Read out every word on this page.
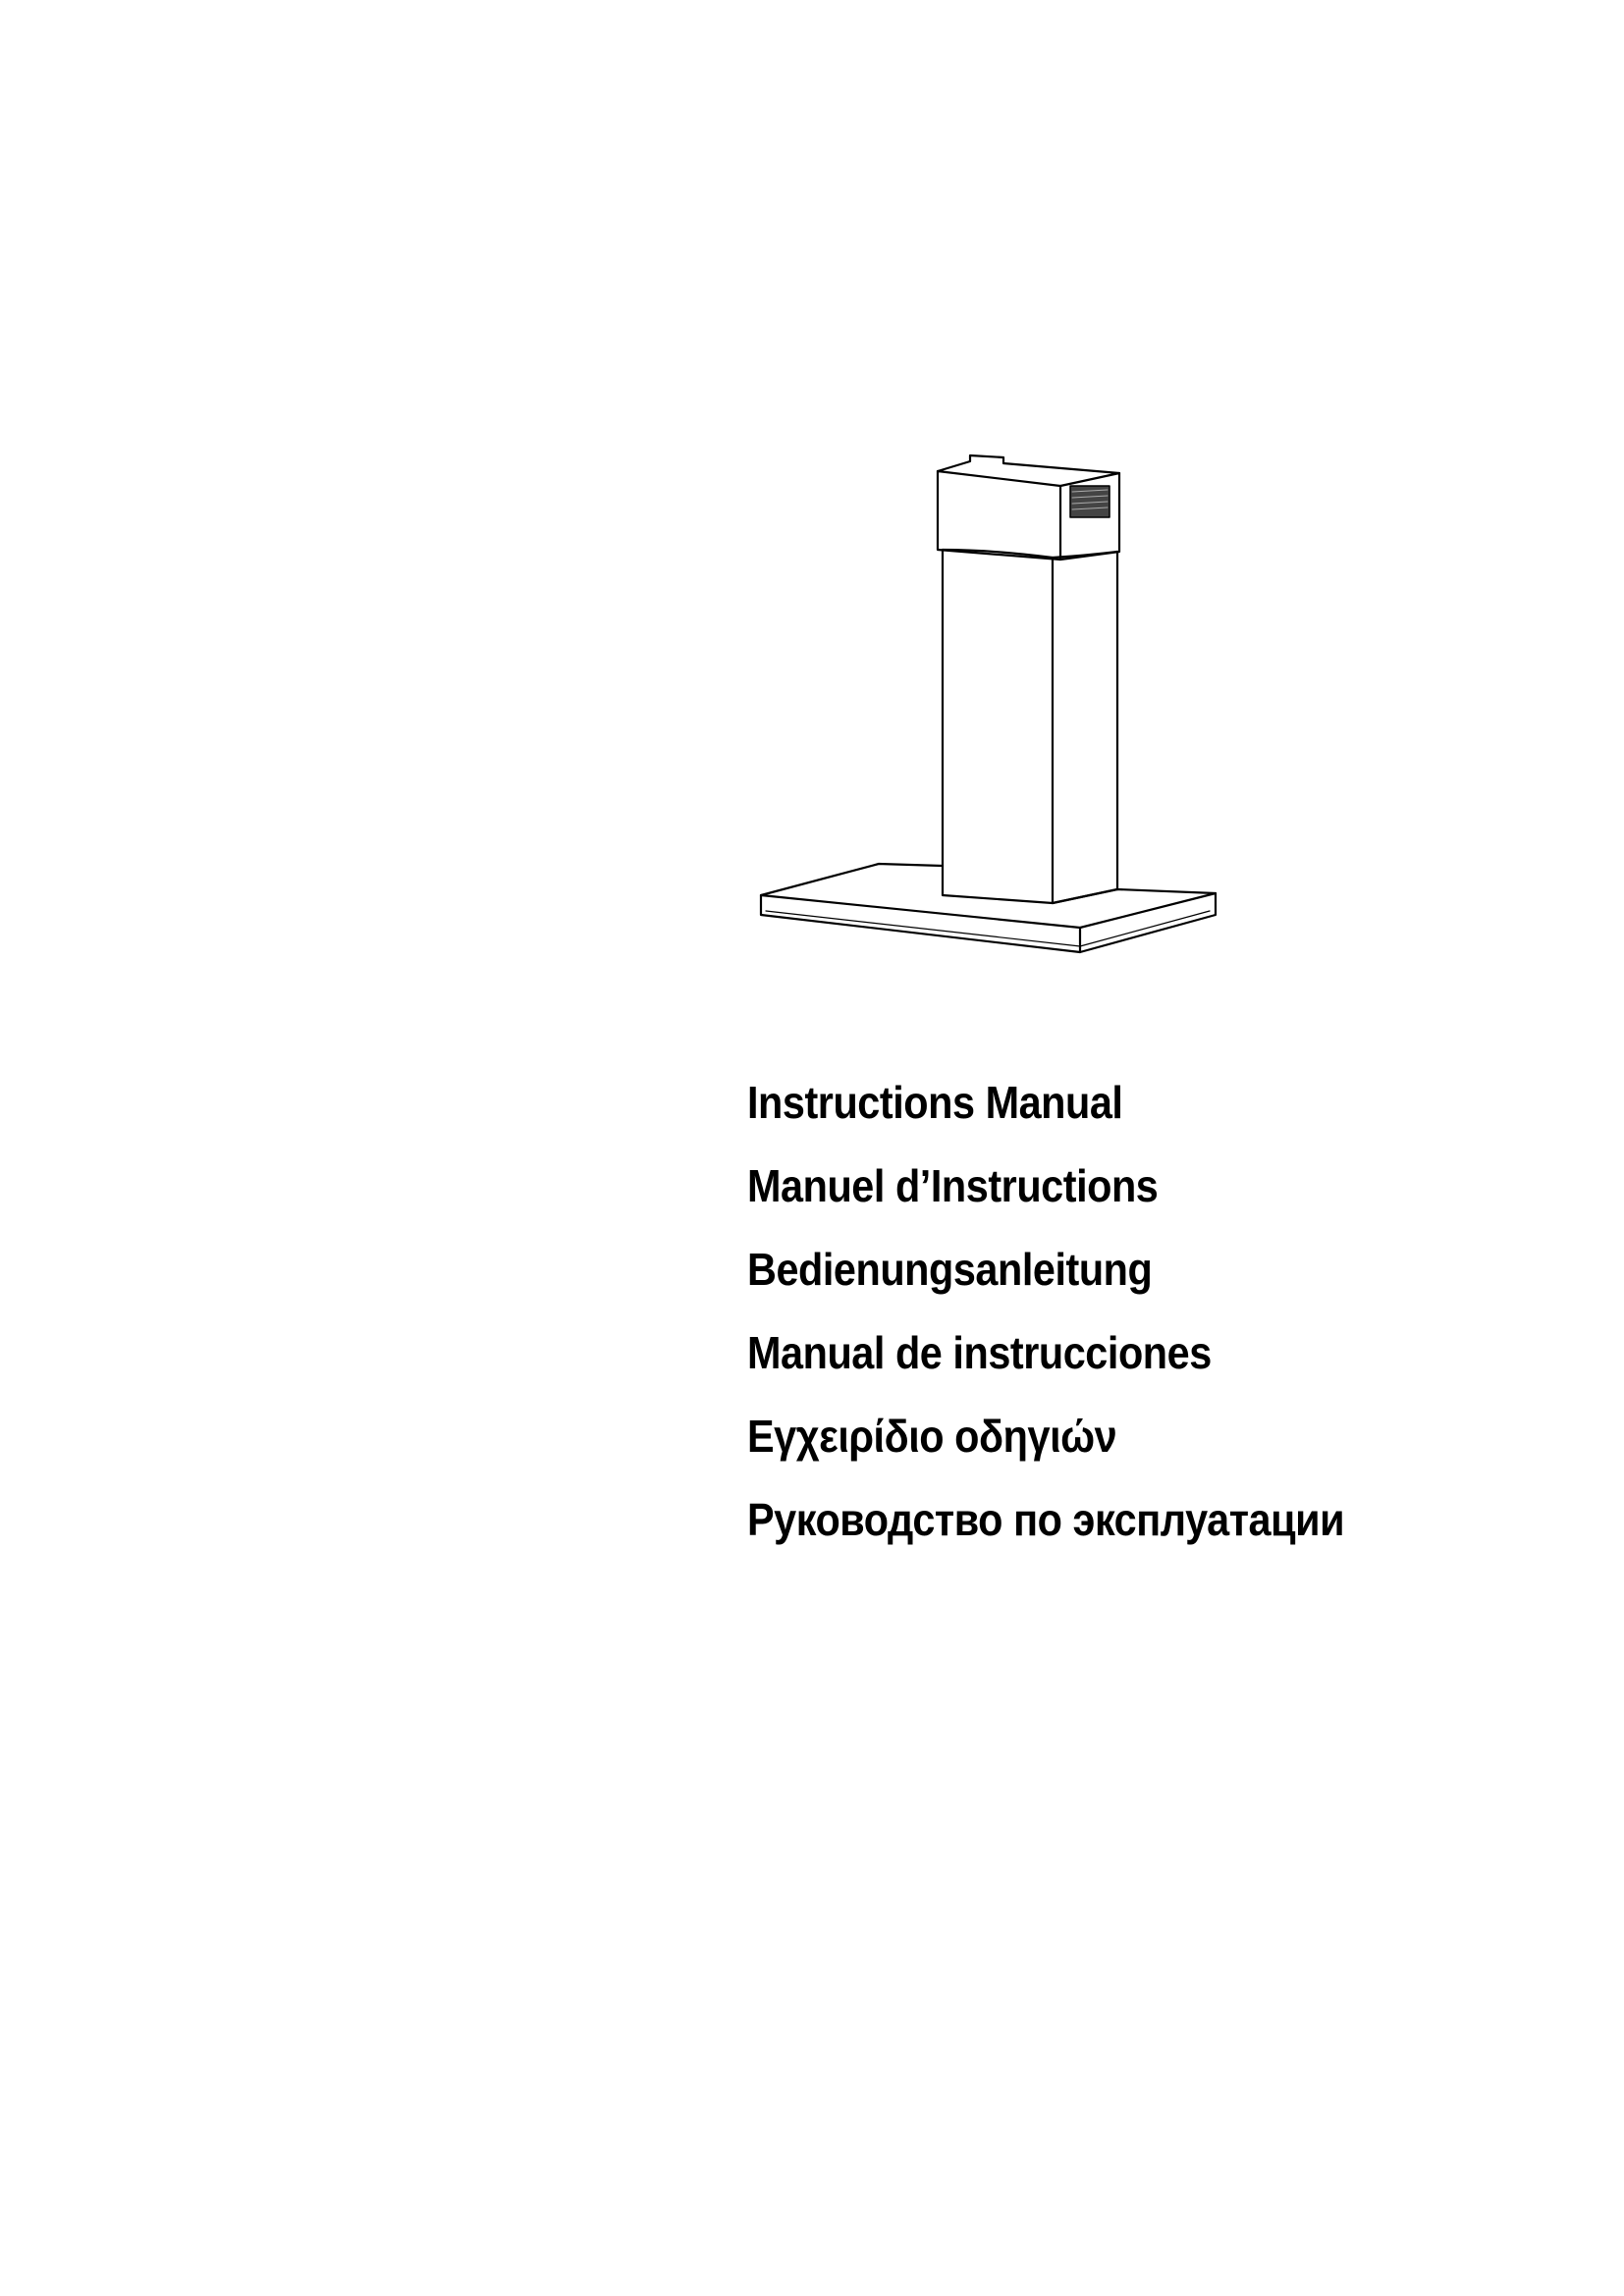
Instructions Manual
Manuel d’Instructions
Bedienungsanleitung
Manual de instrucciones
Εγχειρίδιο οδηγιών
Руководство по эксплуатации
